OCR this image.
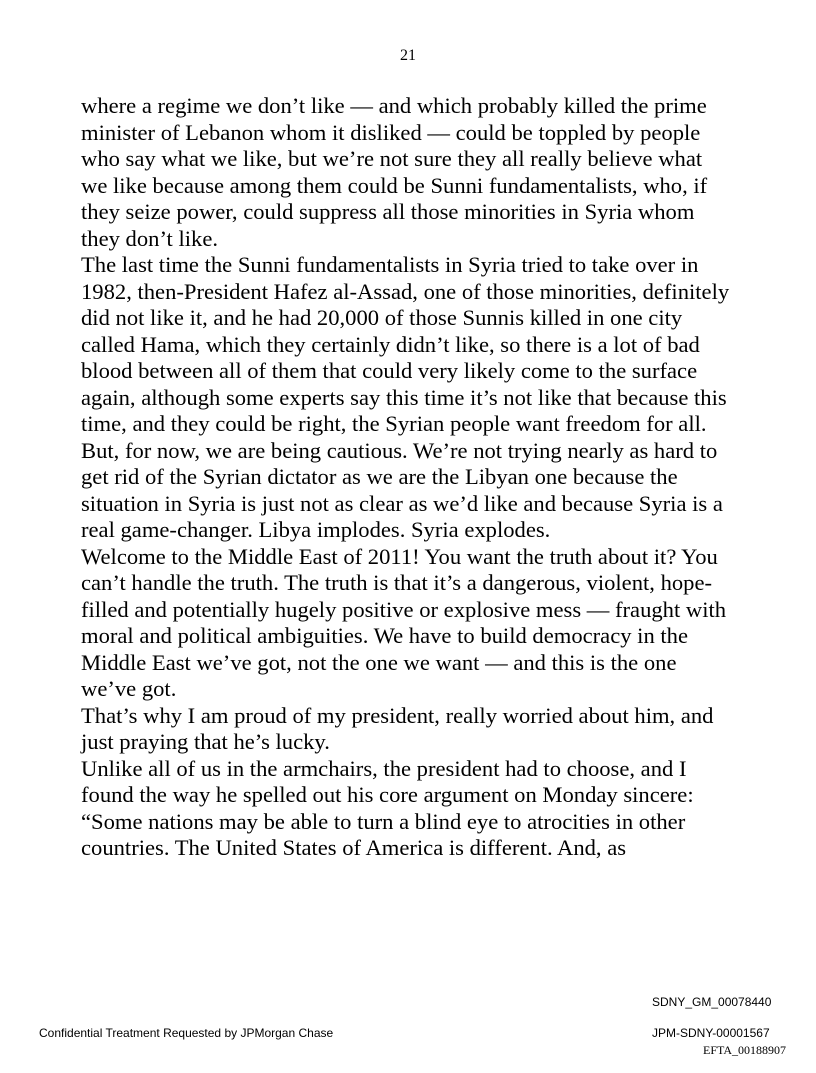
21

where a regime we don’t like — and which probably killed the prime minister of Lebanon whom it disliked — could be toppled by people who say what we like, but we’re not sure they all really believe what we like because among them could be Sunni fundamentalists, who, if they seize power, could suppress all those minorities in Syria whom they don’t like.

The last time the Sunni fundamentalists in Syria tried to take over in 1982, then-President Hafez al-Assad, one of those minorities, definitely did not like it, and he had 20,000 of those Sunnis killed in one city called Hama, which they certainly didn’t like, so there is a lot of bad blood between all of them that could very likely come to the surface again, although some experts say this time it’s not like that because this time, and they could be right, the Syrian people want freedom for all. But, for now, we are being cautious. We’re not trying nearly as hard to get rid of the Syrian dictator as we are the Libyan one because the situation in Syria is just not as clear as we’d like and because Syria is a real game-changer. Libya implodes. Syria explodes.

Welcome to the Middle East of 2011! You want the truth about it? You can’t handle the truth. The truth is that it’s a dangerous, violent, hope-filled and potentially hugely positive or explosive mess — fraught with moral and political ambiguities. We have to build democracy in the Middle East we’ve got, not the one we want — and this is the one we’ve got.

That’s why I am proud of my president, really worried about him, and just praying that he’s lucky.

Unlike all of us in the armchairs, the president had to choose, and I found the way he spelled out his core argument on Monday sincere: “Some nations may be able to turn a blind eye to atrocities in other countries. The United States of America is different. And, as

SDNY_GM_00078440
Confidential Treatment Requested by JPMorgan Chase	JPM-SDNY-00001567
EFTA_00188907
